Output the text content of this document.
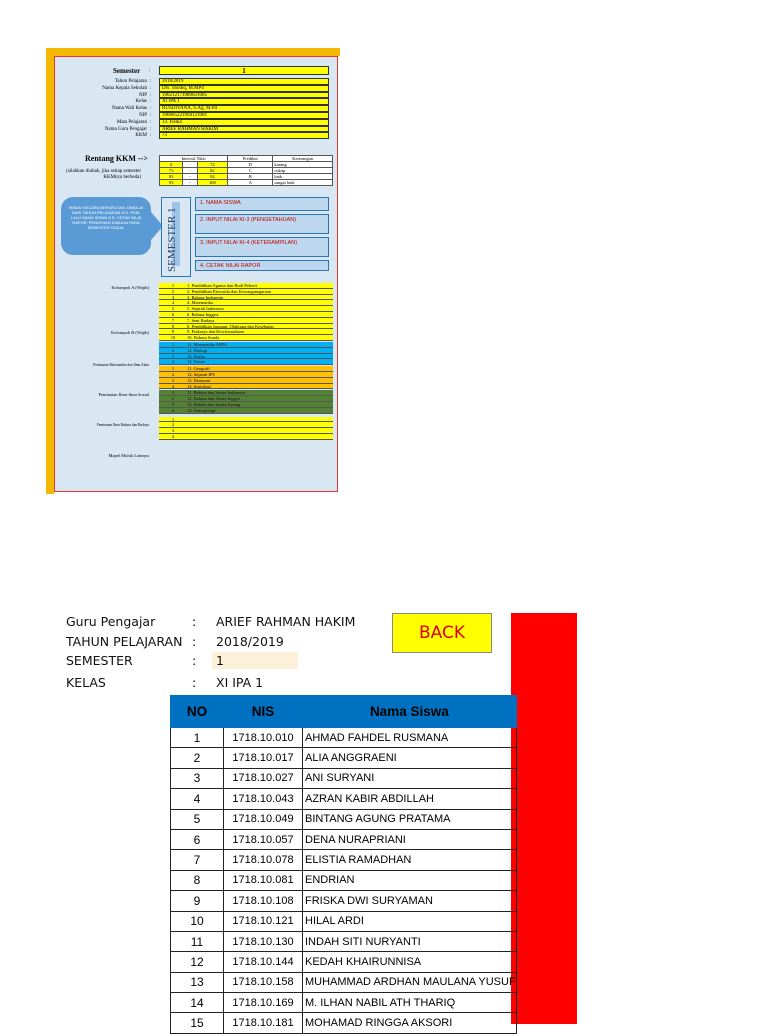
Semester :	1
Tahun Pelajaran	2018/2019
Nama Kepala Sekolah	Drs. Shodiq, M.MPd
NIP	196212171989031005
Kelas	XI IPA 1
Nama Wali Kelas	RUSDIYANA, S.Ag, M.Pd
NIP	196605221994121001
Mata Pelajaran	13. Fisika
Nama Guru Pengajar	ARIEF RAHMAN HAKIM
KKM	73
:
:
:
:
:
:
:
:
:
Rentang KKM -->
(silahkan diubah, jika setiap semester KKMnya berbeda)
Interval Nilai			Predikat	Keterangan
0	-	72	D	kurang
73	-	82	C	cukup
83	-	92	B	baik
93	-	100	A	sangat baik
ISIKAN SECARA BERURUTAN, DIMULAI DARI TAHUN PELAJARAN S.D. PKM, LALU NAMA SISWA S.D. CETAK NILAI RAPOR, PENGISIAN DIMULAI PADA SEMESTER GASAL	SEMESTER 1
1. NAMA SISWA
2. INPUT NILAI KI-3 (PENGETAHUAN)
3. INPUT NILAI KI-4 (KETERAMPILAN)
4. CETAK NILAI RAPOR
Kelompok A (Wajib)
Kelompok B (Wajib)
Peminatan Matematika dan Ilmu Alam
Peminatan Ilmu-ilmu Sosial
Peminatan Ilmu Bahasa dan Budaya
Mapel Muluk Lainnya
1	1. Pendidikan Agama dan Budi Pekerti
2	2. Pendidikan Pancasila dan Kewarganegaraan
3	3. Bahasa Indonesia
4	4. Matematika
5	5. Sejarah Indonesia
6	6. Bahasa Inggris
7	7. Seni Budaya
8	8. Pendidikan Jasmani, Olahraga dan Kesehatan
9	9. Prakarya dan Kewirausahaan
10	10. Bahasa Sunda
1	11. Matematika MIPA
2	12. Biologi
3	13. Fisika
4	14. Kimia
1	11. Geografi
2	12. Sejarah IPS
3	13. Ekonomi
4	14. Sosiologi
1	11. Bahasa dan Sastra Indonesia
2	12. Bahasa dan Sastra Inggris
3	13. Bahasa dan Sastra Jepang
4	14. Antropologi
1
2
3
4
Guru Pengajar	: ARIEF RAHMAN HAKIM
TAHUN PELAJARAN : 2018/2019
SEMESTER	: 1
KELAS	: XI IPA 1
BACK
NO	NIS	Nama Siswa
1	1718.10.010	AHMAD FAHDEL RUSMANA
2	1718.10.017	ALIA ANGGRAENI
3	1718.10.027	ANI SURYANI
4	1718.10.043	AZRAN KABIR ABDILLAH
5	1718.10.049	BINTANG AGUNG PRATAMA
6	1718.10.057	DENA NURAPRIANI
7	1718.10.078	ELISTIA RAMADHAN
8	1718.10.081	ENDRIAN
9	1718.10.108	FRISKA DWI SURYAMAN
10	1718.10.121	HILAL ARDI
11	1718.10.130	INDAH SITI NURYANTI
12	1718.10.144	KEDAH KHAIRUNNISA
13	1718.10.158	MUHAMMAD ARDHAN MAULANA YUSUF
14	1718.10.169	M. ILHAN NABIL ATH THARIQ
15	1718.10.181	MOHAMAD RINGGA AKSORI
